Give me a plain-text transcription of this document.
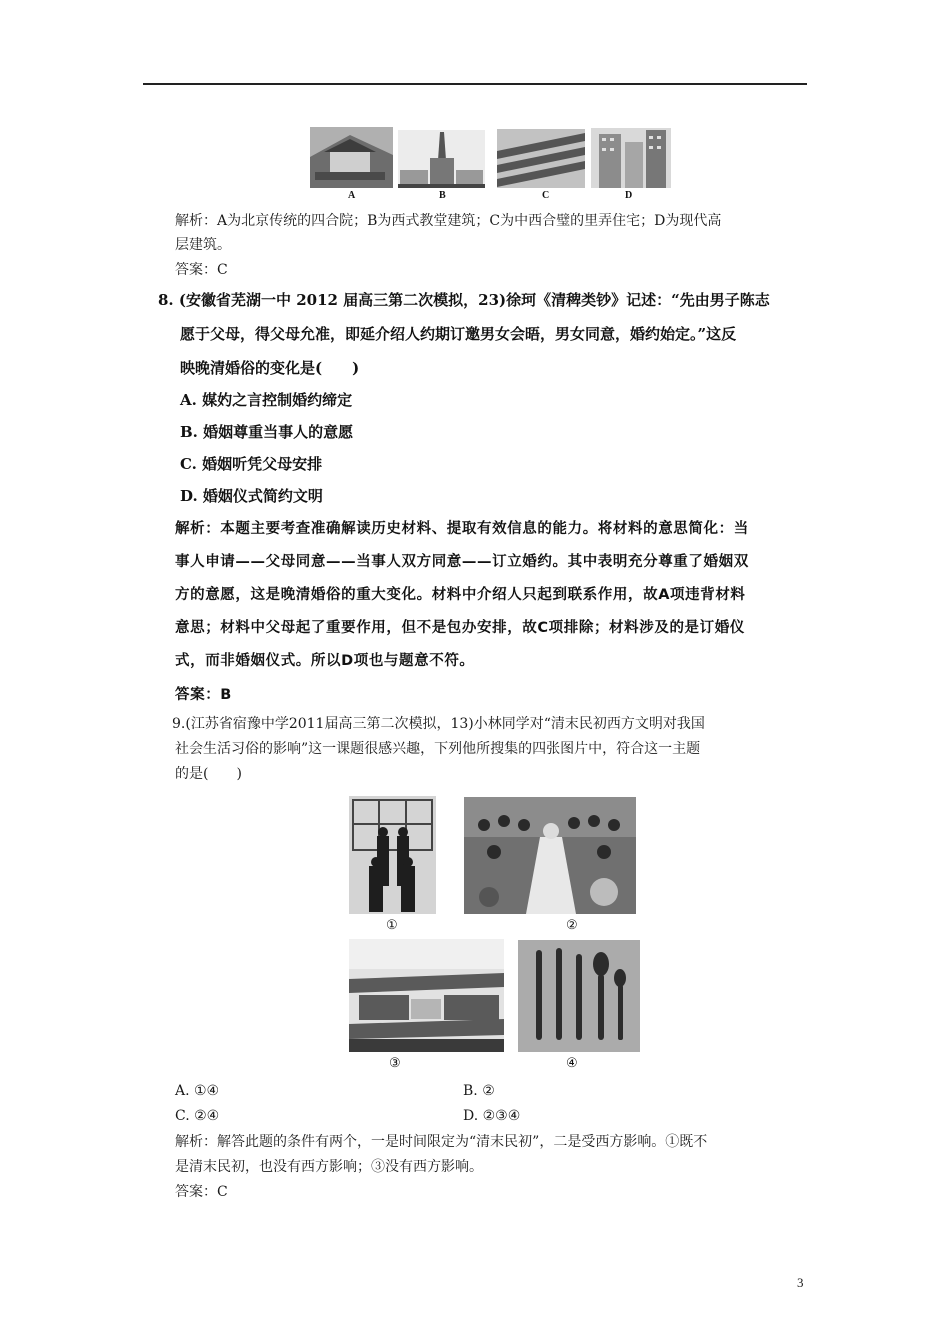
A	B	C	D
解析：A为北京传统的四合院；B为西式教堂建筑；C为中西合璧的里弄住宅；D为现代高
层建筑。
答案：C
8. (安徽省芜湖一中 2012 届高三第二次模拟，23)徐珂《清稗类钞》记述：“先由男子陈志
愿于父母，得父母允准，即延介绍人约期订邀男女会晤，男女同意，婚约始定。”这反
映晚清婚俗的变化是(　　)
A. 媒妁之言控制婚约缔定
B. 婚姻尊重当事人的意愿
C. 婚姻听凭父母安排
D. 婚姻仪式简约文明
解析：本题主要考查准确解读历史材料、提取有效信息的能力。将材料的意思简化：当
事人申请——父母同意——当事人双方同意——订立婚约。其中表明充分尊重了婚姻双
方的意愿，这是晚清婚俗的重大变化。材料中介绍人只起到联系作用，故A项违背材料
意思；材料中父母起了重要作用，但不是包办安排，故C项排除；材料涉及的是订婚仪
式，而非婚姻仪式。所以D项也与题意不符。
答案：B
9.(江苏省宿豫中学2011届高三第二次模拟，13)小林同学对“清末民初西方文明对我国
社会生活习俗的影响”这一课题很感兴趣，下列他所搜集的四张图片中，符合这一主题
的是(　　)
①	②
③	④
A. ①④	B. ②
C. ②④	D. ②③④
解析：解答此题的条件有两个，一是时间限定为“清末民初”，二是受西方影响。①既不
是清末民初，也没有西方影响；③没有西方影响。
答案：C
3
